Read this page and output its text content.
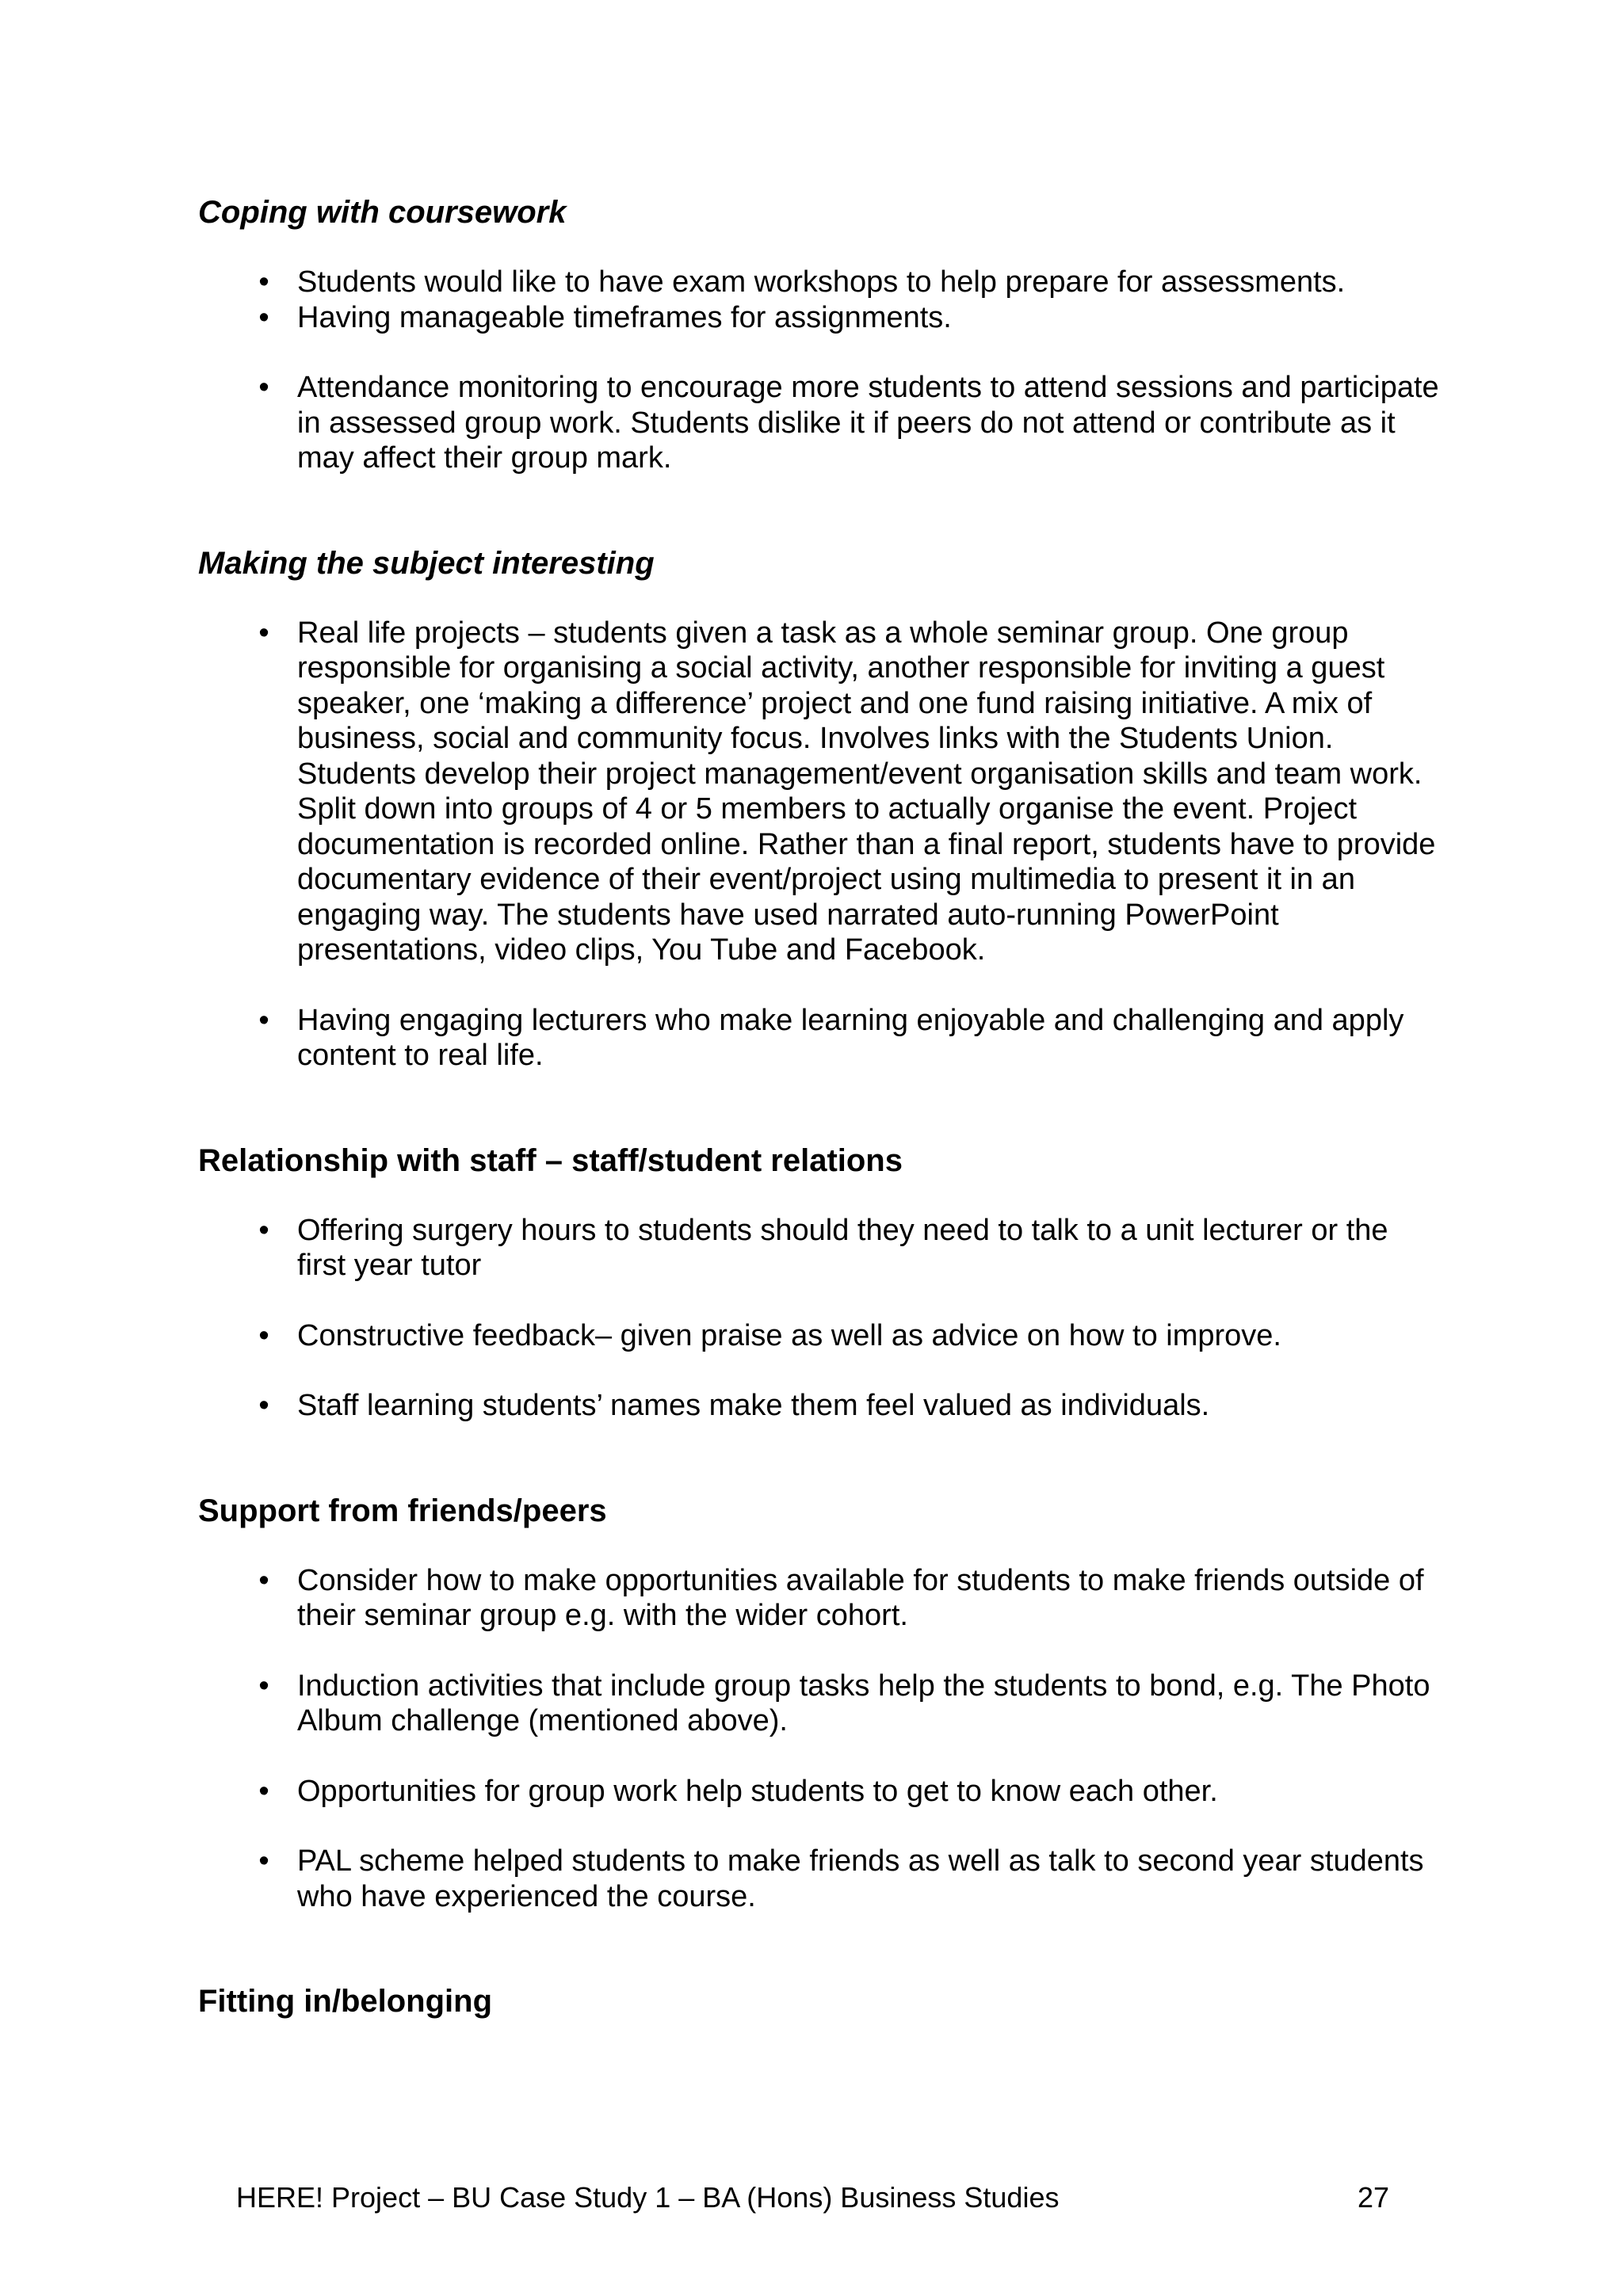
Coping with coursework
• Students would like to have exam workshops to help prepare for assessments.
• Having manageable timeframes for assignments.
• Attendance monitoring to encourage more students to attend sessions and participate in assessed group work. Students dislike it if peers do not attend or contribute as it may affect their group mark.
Making the subject interesting
• Real life projects – students given a task as a whole seminar group. One group responsible for organising a social activity, another responsible for inviting a guest speaker, one ‘making a difference’ project and one fund raising initiative. A mix of business, social and community focus. Involves links with the Students Union. Students develop their project management/event organisation skills and team work. Split down into groups of 4 or 5 members to actually organise the event. Project documentation is recorded online. Rather than a final report, students have to provide documentary evidence of their event/project using multimedia to present it in an engaging way. The students have used narrated auto-running PowerPoint presentations, video clips, You Tube and Facebook.
• Having engaging lecturers who make learning enjoyable and challenging and apply content to real life.
Relationship with staff – staff/student relations
• Offering surgery hours to students should they need to talk to a unit lecturer or the first year tutor
• Constructive feedback– given praise as well as advice on how to improve.
• Staff learning students’ names make them feel valued as individuals.
Support from friends/peers
• Consider how to make opportunities available for students to make friends outside of their seminar group e.g. with the wider cohort.
• Induction activities that include group tasks help the students to bond, e.g. The Photo Album challenge (mentioned above).
• Opportunities for group work help students to get to know each other.
• PAL scheme helped students to make friends as well as talk to second year students who have experienced the course.
Fitting in/belonging
HERE! Project – BU Case Study 1 – BA (Hons) Business Studies	27
